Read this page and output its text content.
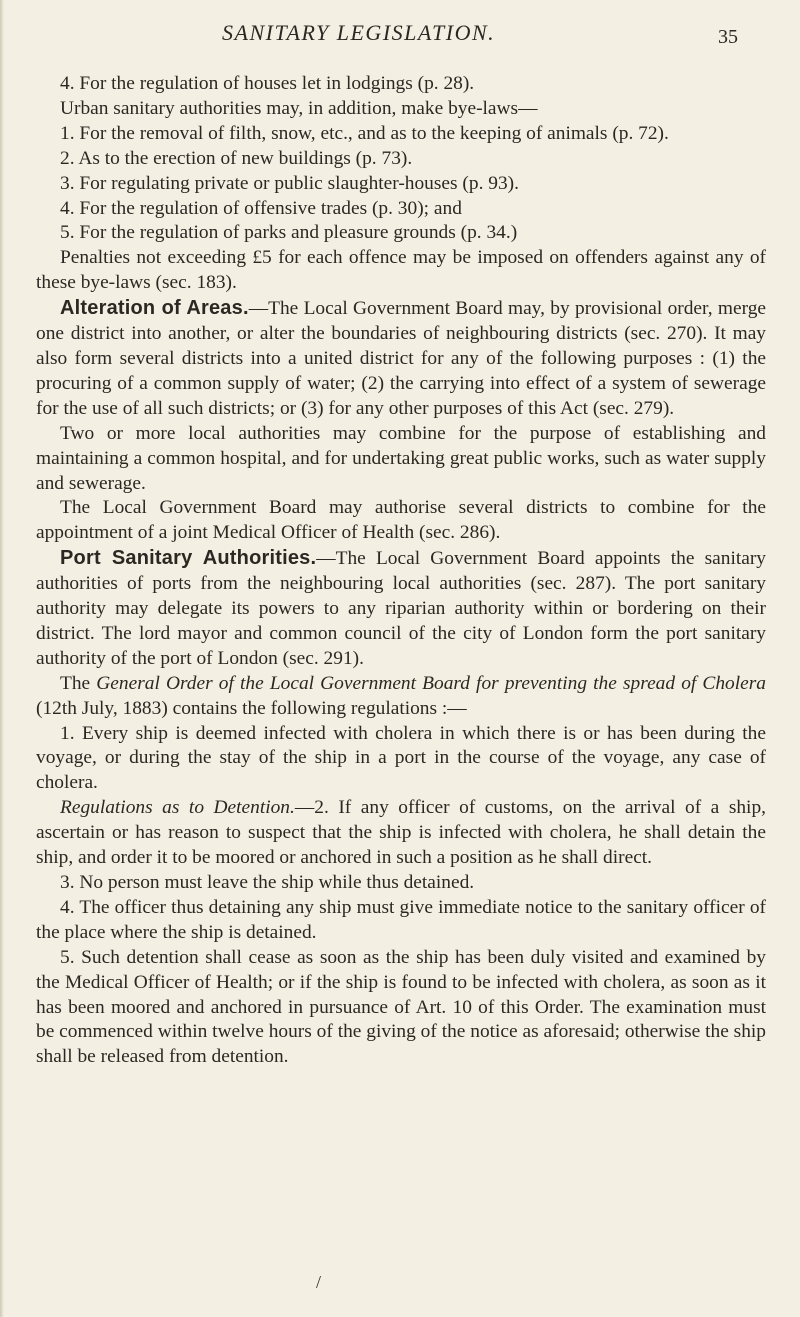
SANITARY LEGISLATION.	35

4. For the regulation of houses let in lodgings (p. 28).

Urban sanitary authorities may, in addition, make bye-laws—

1. For the removal of filth, snow, etc., and as to the keeping of animals (p. 72).

2. As to the erection of new buildings (p. 73).

3. For regulating private or public slaughter-houses (p. 93).

4. For the regulation of offensive trades (p. 30); and

5. For the regulation of parks and pleasure grounds (p. 34.)

Penalties not exceeding £5 for each offence may be imposed on offenders against any of these bye-laws (sec. 183).

Alteration of Areas.—The Local Government Board may, by provisional order, merge one district into another, or alter the boundaries of neighbouring districts (sec. 270). It may also form several districts into a united district for any of the following purposes : (1) the procuring of a common supply of water; (2) the carrying into effect of a system of sewerage for the use of all such districts; or (3) for any other purposes of this Act (sec. 279).

Two or more local authorities may combine for the purpose of establishing and maintaining a common hospital, and for undertaking great public works, such as water supply and sewerage.

The Local Government Board may authorise several districts to combine for the appointment of a joint Medical Officer of Health (sec. 286).

Port Sanitary Authorities.—The Local Government Board appoints the sanitary authorities of ports from the neighbouring local authorities (sec. 287). The port sanitary authority may delegate its powers to any riparian authority within or bordering on their district. The lord mayor and common council of the city of London form the port sanitary authority of the port of London (sec. 291).

The General Order of the Local Government Board for preventing the spread of Cholera (12th July, 1883) contains the following regulations :—

1. Every ship is deemed infected with cholera in which there is or has been during the voyage, or during the stay of the ship in a port in the course of the voyage, any case of cholera.

Regulations as to Detention.—2. If any officer of customs, on the arrival of a ship, ascertain or has reason to suspect that the ship is infected with cholera, he shall detain the ship, and order it to be moored or anchored in such a position as he shall direct.

3. No person must leave the ship while thus detained.

4. The officer thus detaining any ship must give immediate notice to the sanitary officer of the place where the ship is detained.

5. Such detention shall cease as soon as the ship has been duly visited and examined by the Medical Officer of Health; or if the ship is found to be infected with cholera, as soon as it has been moored and anchored in pursuance of Art. 10 of this Order. The examination must be commenced within twelve hours of the giving of the notice as aforesaid; otherwise the ship shall be released from detention.

/
